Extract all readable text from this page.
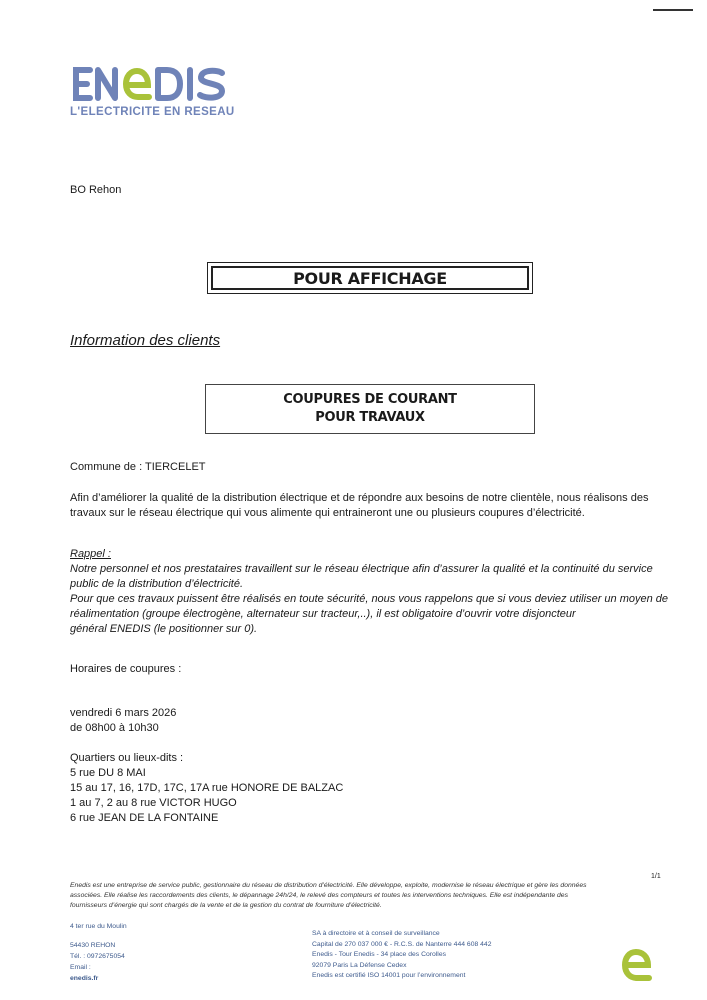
L'ELECTRICITE EN RESEAU
BO Rehon
POUR AFFICHAGE
Information des clients
COUPURES DE COURANT
POUR TRAVAUX
Commune de : TIERCELET
Afin d’améliorer la qualité de la distribution électrique et de répondre aux besoins de notre clientèle, nous réalisons des
travaux sur le réseau électrique qui vous alimente qui entraineront une ou plusieurs coupures d’électricité.
Rappel :
Notre personnel et nos prestataires travaillent sur le réseau électrique afin d’assurer la qualité et la continuité du service
public de la distribution d’électricité.
Pour que ces travaux puissent être réalisés en toute sécurité, nous vous rappelons que si vous deviez utiliser un moyen de
réalimentation (groupe électrogène, alternateur sur tracteur,..), il est obligatoire d’ouvrir votre disjoncteur
général ENEDIS (le positionner sur 0).
Horaires de coupures :
vendredi 6 mars 2026
de 08h00 à 10h30
Quartiers ou lieux-dits :
5 rue DU 8 MAI
15 au 17, 16, 17D, 17C, 17A rue HONORE DE BALZAC
1 au 7, 2 au 8 rue VICTOR HUGO
6 rue JEAN DE LA FONTAINE
1/1
Enedis est une entreprise de service public, gestionnaire du réseau de distribution d’électricité. Elle développe, exploite, modernise le réseau électrique et gère les données
associées. Elle réalise les raccordements des clients, le dépannage 24h/24, le relevé des compteurs et toutes les interventions techniques. Elle est indépendante des
fournisseurs d’énergie qui sont chargés de la vente et de la gestion du contrat de fourniture d’électricité.
4 ter rue du Moulin
54430 REHON
Tél. : 0972675054
Email :
enedis.fr
SA à directoire et à conseil de surveillance
Capital de 270 037 000 € - R.C.S. de Nanterre 444 608 442
Enedis - Tour Enedis - 34 place des Corolles
92079 Paris La Défense Cedex
Enedis est certifié ISO 14001 pour l’environnement
